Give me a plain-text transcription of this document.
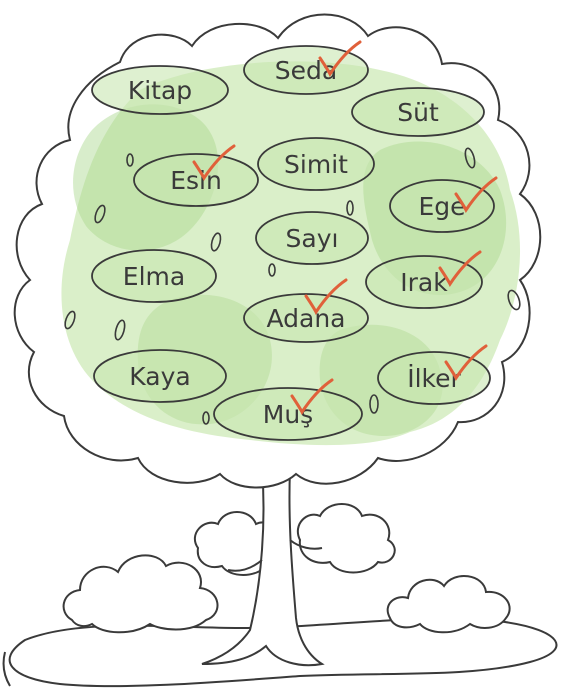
Kitap
Seda
Süt
Esin
Simit
Ege
Sayı
Elma	Irak
Adana
Kaya	İlker
Muş
